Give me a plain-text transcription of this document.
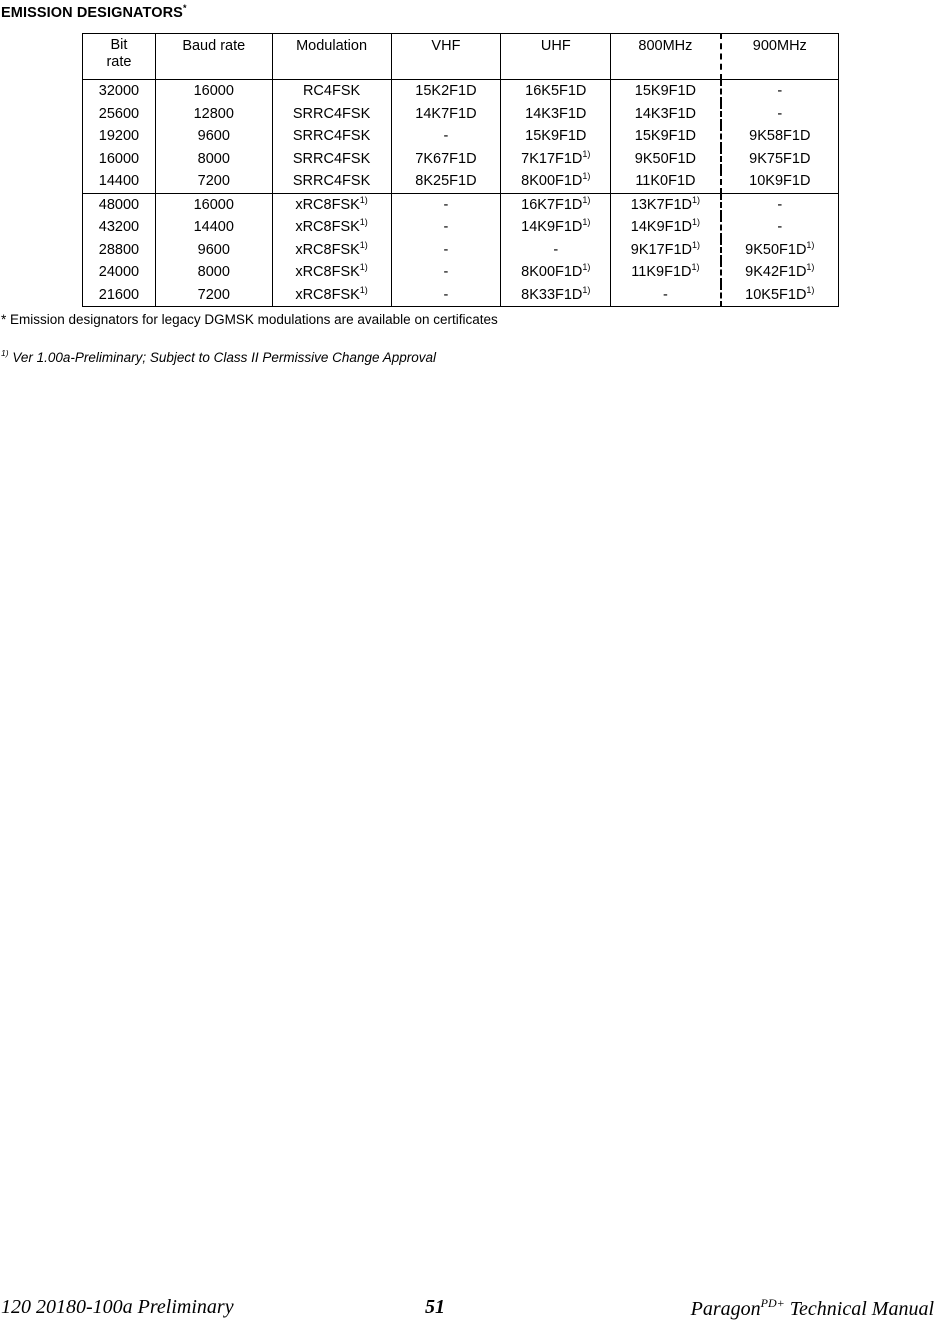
EMISSION DESIGNATORS*
Bit
rate	Baud rate	Modulation	VHF	UHF	800MHz	900MHz
32000	16000	RC4FSK	15K2F1D	16K5F1D	15K9F1D	-
25600	12800	SRRC4FSK	14K7F1D	14K3F1D	14K3F1D	-
19200	9600	SRRC4FSK	-	15K9F1D	15K9F1D	9K58F1D
16000	8000	SRRC4FSK	7K67F1D	$7K17F1D^{1)}$	9K50F1D	9K75F1D
14400	7200	SRRC4FSK	8K25F1D	$8K00F1D^{1)}$	11K0F1D	10K9F1D
48000	16000	xRC8FSK$^{1)}$	-	$16K7F1D^{1)}$	$13K7F1D^{1)}$	-
43200	14400	xRC8FSK$^{1)}$	-	$14K9F1D^{1)}$	$14K9F1D^{1)}$	-
28800	9600	xRC8FSK$^{1)}$	-	-	$9K17F1D^{1)}$	$9K50F1D^{1)}$
24000	8000	xRC8FSK$^{1)}$	-	$8K00F1D^{1)}$	$11K9F1D^{1)}$	$9K42F1D^{1)}$
21600	7200	xRC8FSK$^{1)}$	-	$8K33F1D^{1)}$	-	$10K5F1D^{1)}$
* Emission designators for legacy DGMSK modulations are available on certificates
$^{1)}$ Ver 1.00a-Preliminary; Subject to Class II Permissive Change Approval
120 20180-100a Preliminary	51	Paragon$^{PD+}$ Technical Manual
